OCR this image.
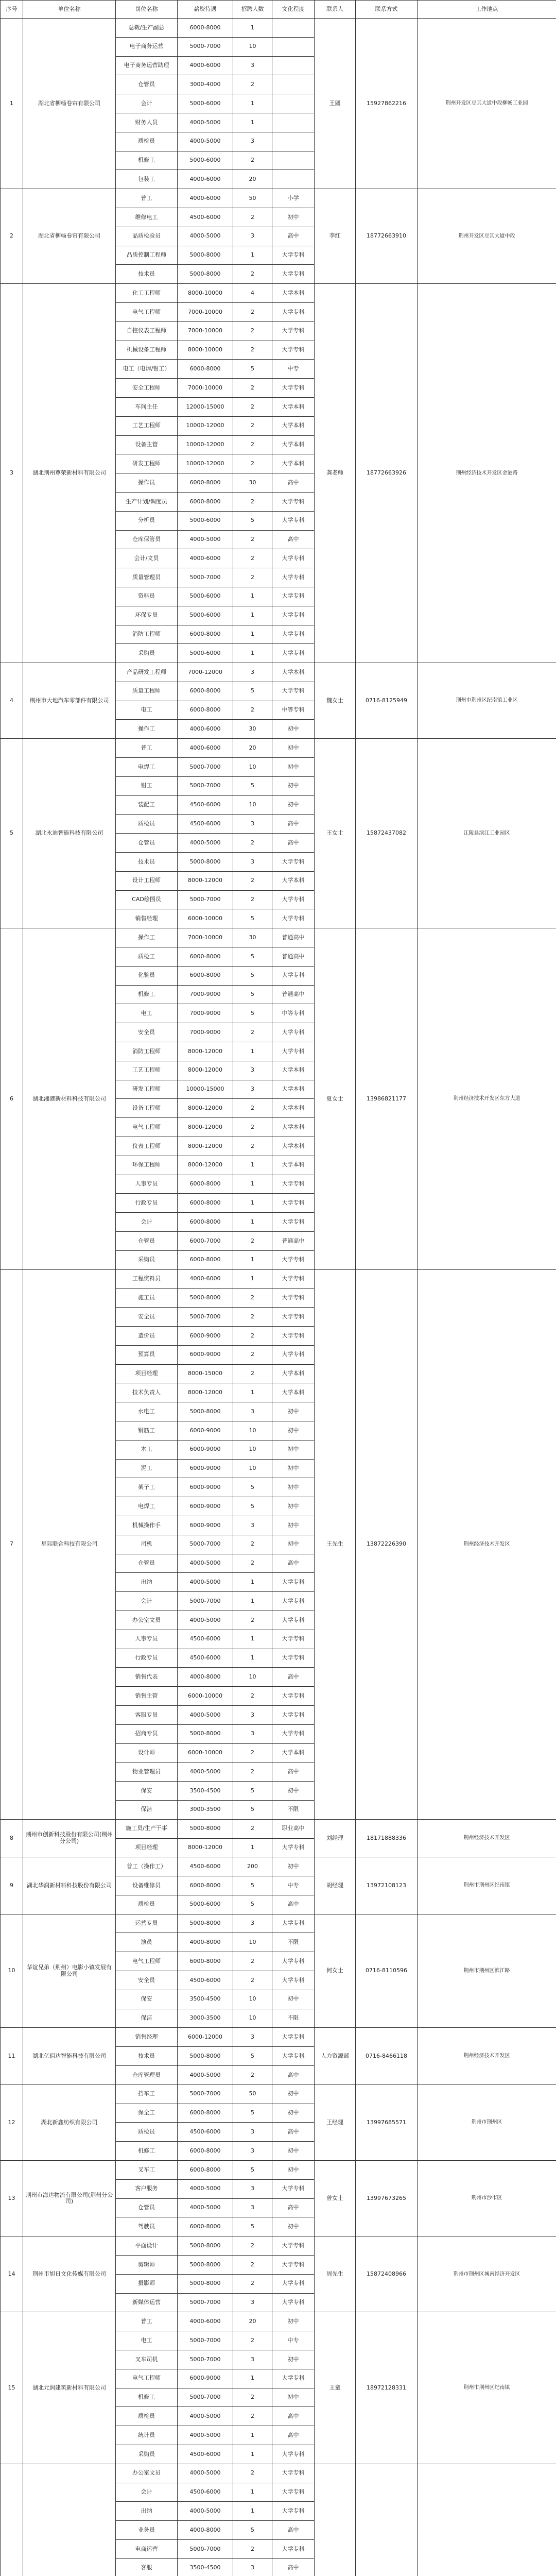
序号	单位名称	岗位名称	薪资待遇	招聘人数	文化程度	联系人	联系方式	工作地点
1	湖北省柳畅卷帘有限公司	总裁/生产副总	6000-8000	1		王圆	15927862216	荆州开发区豆其大道中段柳畅工业园
		电子商务运营	5000-7000	10				
		电子商务运营助理	4000-6000	3				
		仓管员	3000-4000	2				
		会计	5000-6000	1				
		财务人员	4000-5000	1				
		质检员	4000-5000	3				
		机修工	5000-6000	2				
		包装工	4000-6000	20				
2	湖北省柳畅卷帘有限公司	普工	4000-6000	50	小学	李红	18772663910	荆州开发区豆其大道中段
		维修电工	4500-6000	2	初中			
		品质检验员	4000-5000	3	高中			
		品质控制工程师	5000-8000	1	大学专科			
		技术员	5000-8000	2	大学专科			
3	湖北荆州尊荣新材料有限公司	化工工程师	8000-10000	4	大学本科	龚老师	18772663926	荆州经济技术开发区金港路
		电气工程师	7000-10000	2	大学专科			
		自控仪表工程师	7000-10000	2	大学专科			
		机械设备工程师	8000-10000	2	大学专科			
		电工（电焊/钳工）	6000-8000	5	中专			
		安全工程师	7000-10000	2	大学专科			
		车间主任	12000-15000	2	大学本科			
		工艺工程师	10000-12000	2	大学本科			
		设备主管	10000-12000	2	大学本科			
		研发工程师	10000-12000	2	大学本科			
		操作员	6000-8000	30	高中			
		生产计划/调度员	6000-8000	2	大学专科			
		分析员	5000-6000	5	大学专科			
		仓库保管员	4000-5000	2	高中			
		会计/文员	4000-6000	2	大学专科			
		质量管理员	5000-7000	2	大学专科			
		资料员	5000-6000	1	大学专科			
		环保专员	5000-6000	1	大学专科			
		消防工程师	6000-8000	1	大学专科			
		采购员	5000-6000	1	大学专科			
4	荆州市大地汽车零部件有限公司	产品研发工程师	7000-12000	3	大学本科	魏女士	0716-8125949	荆州市荆州区纪南镇工业区
		质量工程师	6000-8000	5	大学专科			
		电工	6000-8000	2	中等专科			
		操作工	4000-6000	30	初中			
5	湖北永迪智能科技有限公司	普工	4000-6000	20	初中	王女士	15872437082	江陵县滨江工业园区
		电焊工	5000-7000	10	初中			
		钳工	5000-7000	5	初中			
		装配工	4500-6000	10	初中			
		质检员	4500-6000	3	高中			
		仓管员	4000-5000	2	高中			
		技术员	5000-8000	3	大学专科			
		设计工程师	8000-12000	2	大学本科			
		CAD绘图员	5000-7000	2	大学专科			
		销售经理	6000-10000	5	大学专科			
6	湖北湘港新材料科技有限公司	操作工	7000-10000	30	普通高中	夏女士	13986821177	荆州经济技术开发区东方大道
		质检工	6000-8000	5	普通高中			
		化验员	6000-8000	5	大学专科			
		机修工	7000-9000	5	普通高中			
		电工	7000-9000	5	中等专科			
		安全员	7000-9000	2	大学专科			
		消防工程师	8000-12000	1	大学专科			
		工艺工程师	8000-12000	3	大学本科			
		研发工程师	10000-15000	3	大学本科			
		设备工程师	8000-12000	2	大学本科			
		电气工程师	8000-12000	2	大学本科			
		仪表工程师	8000-12000	2	大学本科			
		环保工程师	8000-12000	1	大学本科			
		人事专员	6000-8000	1	大学专科			
		行政专员	6000-8000	1	大学专科			
		会计	6000-8000	1	大学专科			
		仓管员	6000-7000	2	普通高中			
		采购员	6000-8000	1	大学专科			
7	星际联合科技有限公司	工程资料员	4000-6000	1	大学专科	王先生	13872226390	荆州经济技术开发区
		施工员	5000-8000	2	大学专科			
		安全员	5000-7000	2	大学专科			
		造价员	6000-9000	2	大学专科			
		预算员	6000-9000	2	大学专科			
		项目经理	8000-15000	2	大学本科			
		技术负责人	8000-12000	1	大学本科			
		水电工	5000-8000	3	初中			
		钢筋工	6000-9000	10	初中			
		木工	6000-9000	10	初中			
		泥工	6000-9000	10	初中			
		架子工	6000-9000	5	初中			
		电焊工	6000-9000	5	初中			
		机械操作手	6000-9000	3	初中			
		司机	5000-7000	2	初中			
		仓管员	4000-5000	2	高中			
		出纳	4000-5000	1	大学专科			
		会计	5000-7000	1	大学专科			
		办公室文员	4000-5000	2	大学专科			
		人事专员	4500-6000	1	大学专科			
		行政专员	4500-6000	1	大学专科			
		销售代表	4000-8000	10	高中			
		销售主管	6000-10000	2	大学专科			
		客服专员	4000-5000	3	大学专科			
		招商专员	5000-8000	3	大学专科			
		设计师	6000-10000	2	大学本科			
		物业管理员	4000-5000	2	高中			
		保安	3500-4500	5	初中			
		保洁	3000-3500	5	不限			
8	荆州市创新科技股份有限公司(荆州分公司)	施工员/生产干事	5000-8000	2	职业高中	刘经理	18171888336	荆州经济技术开发区
		项目经理	8000-12000	1	大学专科			
9	湖北华润新材料科技股份有限公司	普工（操作工）	4500-6000	200	初中	胡经理	13972108123	荆州市荆州区纪南镇
		设备维修员	6000-8000	5	中专			
		质检员	5000-6000	5	高中			
10	华谊兄弟（荆州）电影小镇发展有限公司	运营专员	5000-8000	3	大学专科	何女士	0716-8110596	荆州市荆州区滨江路
		演员	4000-8000	10	不限			
		电气工程师	6000-8000	2	大学专科			
		安全员	4500-6000	2	大学专科			
		保安	3500-4500	10	初中			
		保洁	3000-3500	10	不限			
11	湖北亿佰达智能科技有限公司	销售经理	6000-12000	3	大学专科	人力资源部	0716-8466118	荆州经济技术开发区
		技术员	5000-8000	5	大学专科			
		仓库管理员	4000-5000	2	高中			
12	湖北新鑫纺织有限公司	挡车工	5000-7000	50	初中	王经理	13997685571	荆州市荆州区
		保全工	6000-8000	5	初中			
		质检员	4500-6000	3	高中			
		机修工	6000-8000	3	初中			
13	荆州市海达物流有限公司(荆州分公司)	叉车工	6000-8000	5	初中	曾女士	13997673265	荆州市沙市区
		客户服务	4000-5000	3	大学专科			
		仓管员	4000-5000	3	高中			
		驾驶员	6000-8000	5	初中			
14	荆州市旭日文化传媒有限公司	平面设计	5000-8000	2	大学专科	周先生	15872408966	荆州市荆州区城南经济开发区
		剪辑师	5000-8000	2	大学专科			
		摄影师	5000-8000	2	大学专科			
		新媒体运营	5000-7000	3	大学专科			
15	湖北元润建筑新材料有限公司	普工	4000-6000	20	初中	王童	18972128331	荆州市荆州区纪南镇
		电工	5000-7000	2	中专			
		叉车司机	5000-7000	3	初中			
		电气工程师	6000-9000	1	大学专科			
		机修工	5000-7000	2	初中			
		质检员	4000-5000	2	高中			
		统计员	4000-5000	1	高中			
		采购员	4500-6000	1	大学专科			
		办公室文员	4000-5000	2	大学专科			
		会计	4500-6000	1	大学专科			
		出纳	4000-5000	1	大学专科			
		业务员	4000-8000	5	高中			
		电商运营	5000-7000	2	大学专科			
		客服	3500-4500	3	高中			
